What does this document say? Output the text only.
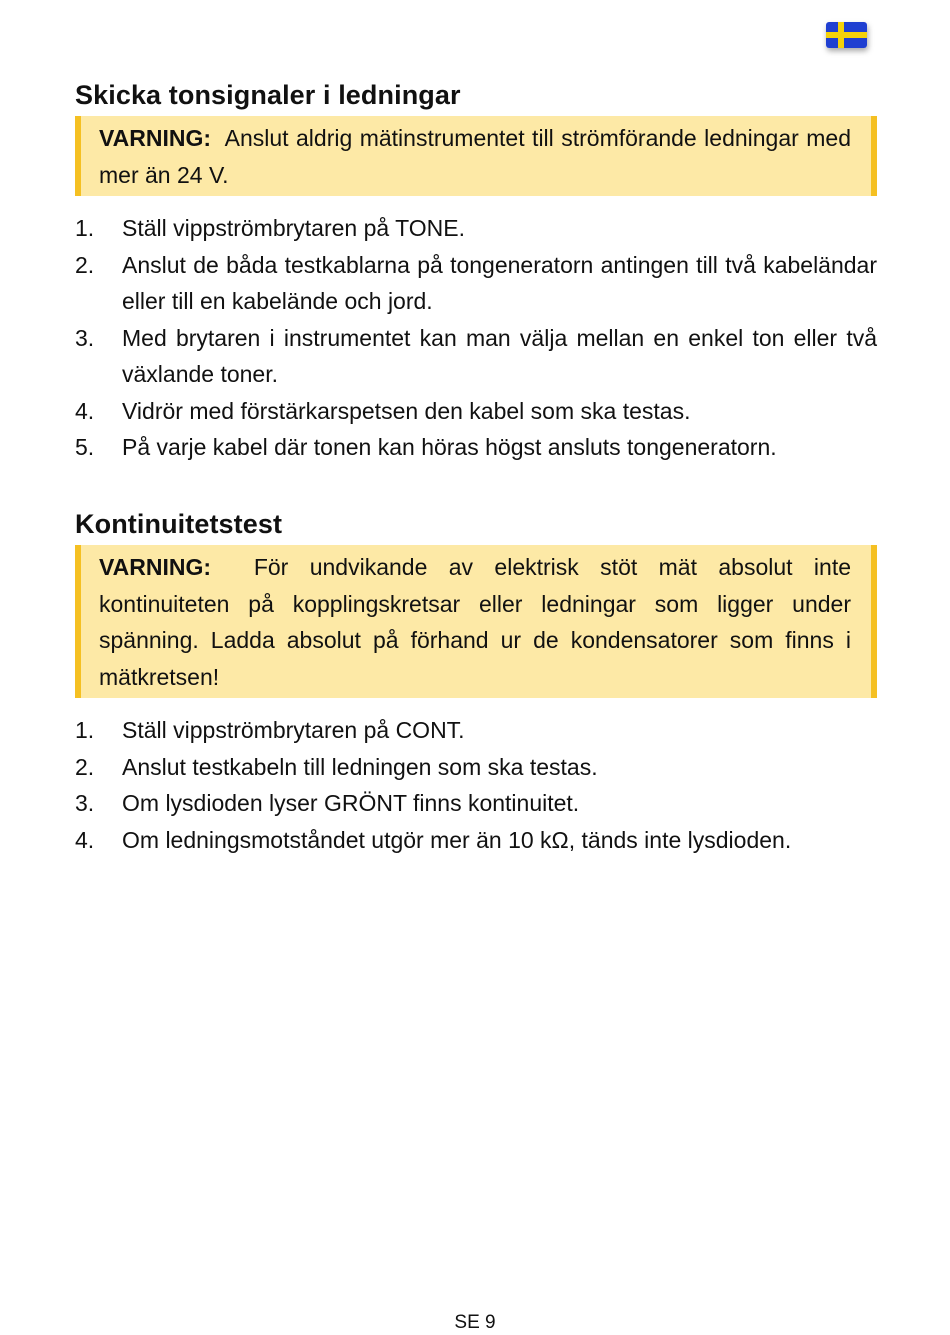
Skicka tonsignaler i ledningar
VARNING: Anslut aldrig mätinstrumentet till strömförande ledningar med mer än 24 V.
1. Ställ vippströmbrytaren på TONE.
2. Anslut de båda testkablarna på tongeneratorn antingen till två kabeländar eller till en kabelände och jord.
3. Med brytaren i instrumentet kan man välja mellan en enkel ton eller två växlande toner.
4. Vidrör med förstärkarspetsen den kabel som ska testas.
5. På varje kabel där tonen kan höras högst ansluts tongeneratorn.
Kontinuitetstest
VARNING: För undvikande av elektrisk stöt mät absolut inte kontinuiteten på kopplingskretsar eller ledningar som ligger under spänning. Ladda absolut på förhand ur de kondensatorer som finns i mätkretsen!
1. Ställ vippströmbrytaren på CONT.
2. Anslut testkabeln till ledningen som ska testas.
3. Om lysdioden lyser GRÖNT finns kontinuitet.
4. Om ledningsmotståndet utgör mer än 10 kΩ, tänds inte lysdioden.
SE 9
